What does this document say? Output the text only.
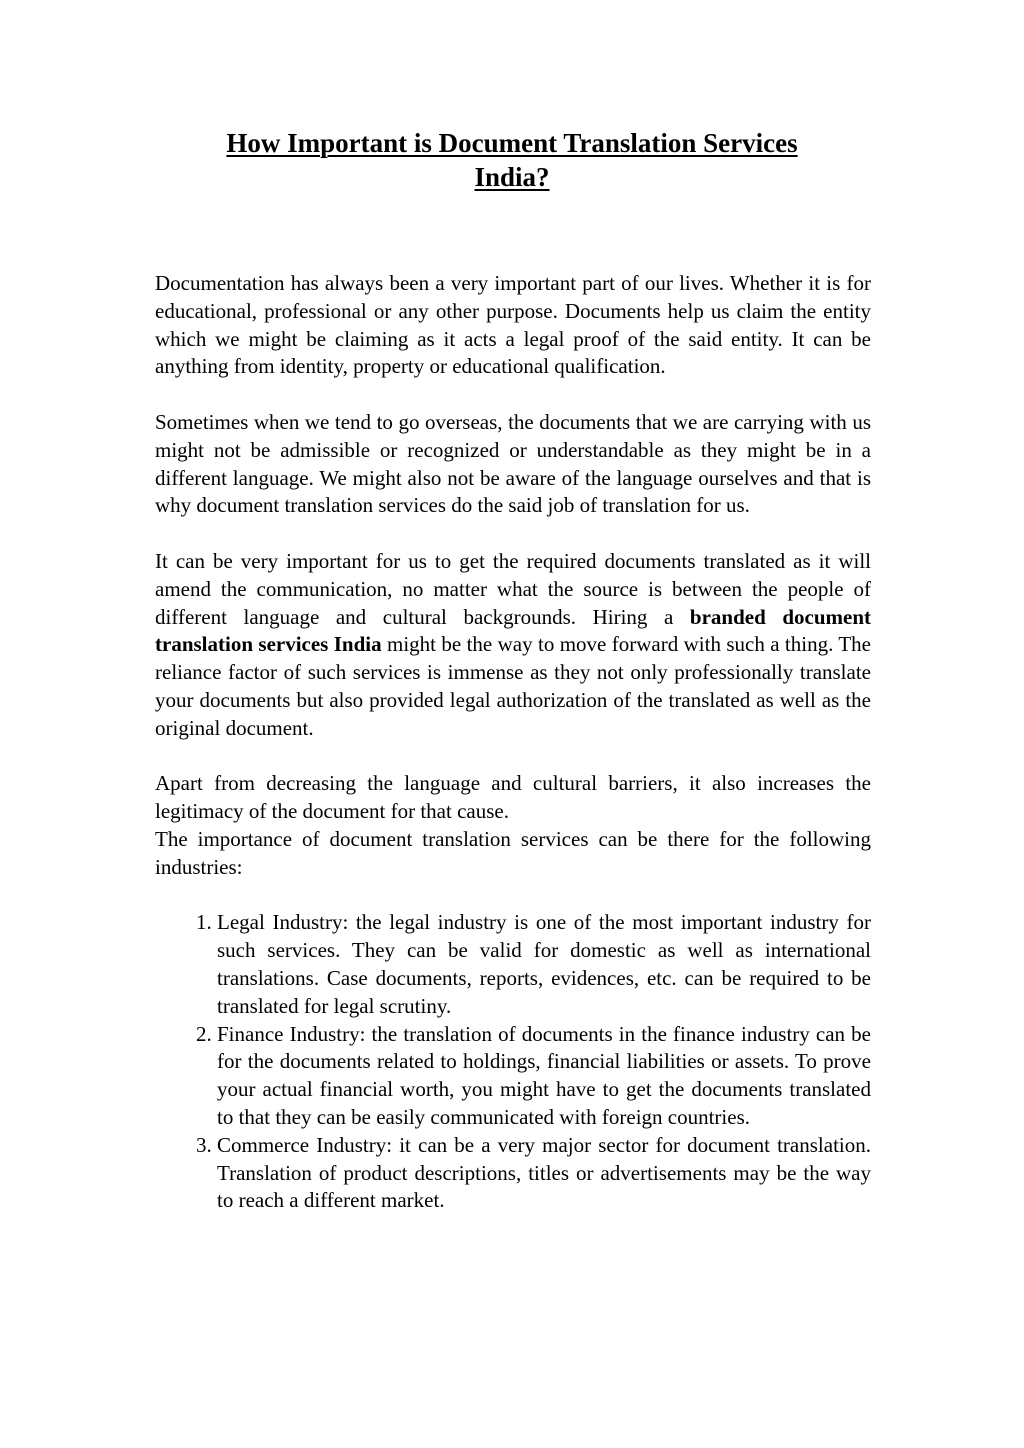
How Important is Document Translation Services
India?

Documentation has always been a very important part of our lives. Whether it is for educational, professional or any other purpose. Documents help us claim the entity which we might be claiming as it acts a legal proof of the said entity. It can be anything from identity, property or educational qualification.

Sometimes when we tend to go overseas, the documents that we are carrying with us might not be admissible or recognized or understandable as they might be in a different language. We might also not be aware of the language ourselves and that is why document translation services do the said job of translation for us.

It can be very important for us to get the required documents translated as it will amend the communication, no matter what the source is between the people of different language and cultural backgrounds. Hiring a branded document translation services India might be the way to move forward with such a thing. The reliance factor of such services is immense as they not only professionally translate your documents but also provided legal authorization of the translated as well as the original document.

Apart from decreasing the language and cultural barriers, it also increases the legitimacy of the document for that cause.

The importance of document translation services can be there for the following industries:

1. Legal Industry: the legal industry is one of the most important industry for such services. They can be valid for domestic as well as international translations. Case documents, reports, evidences, etc. can be required to be translated for legal scrutiny.
2. Finance Industry: the translation of documents in the finance industry can be for the documents related to holdings, financial liabilities or assets. To prove your actual financial worth, you might have to get the documents translated to that they can be easily communicated with foreign countries.
3. Commerce Industry: it can be a very major sector for document translation. Translation of product descriptions, titles or advertisements may be the way to reach a different market.
